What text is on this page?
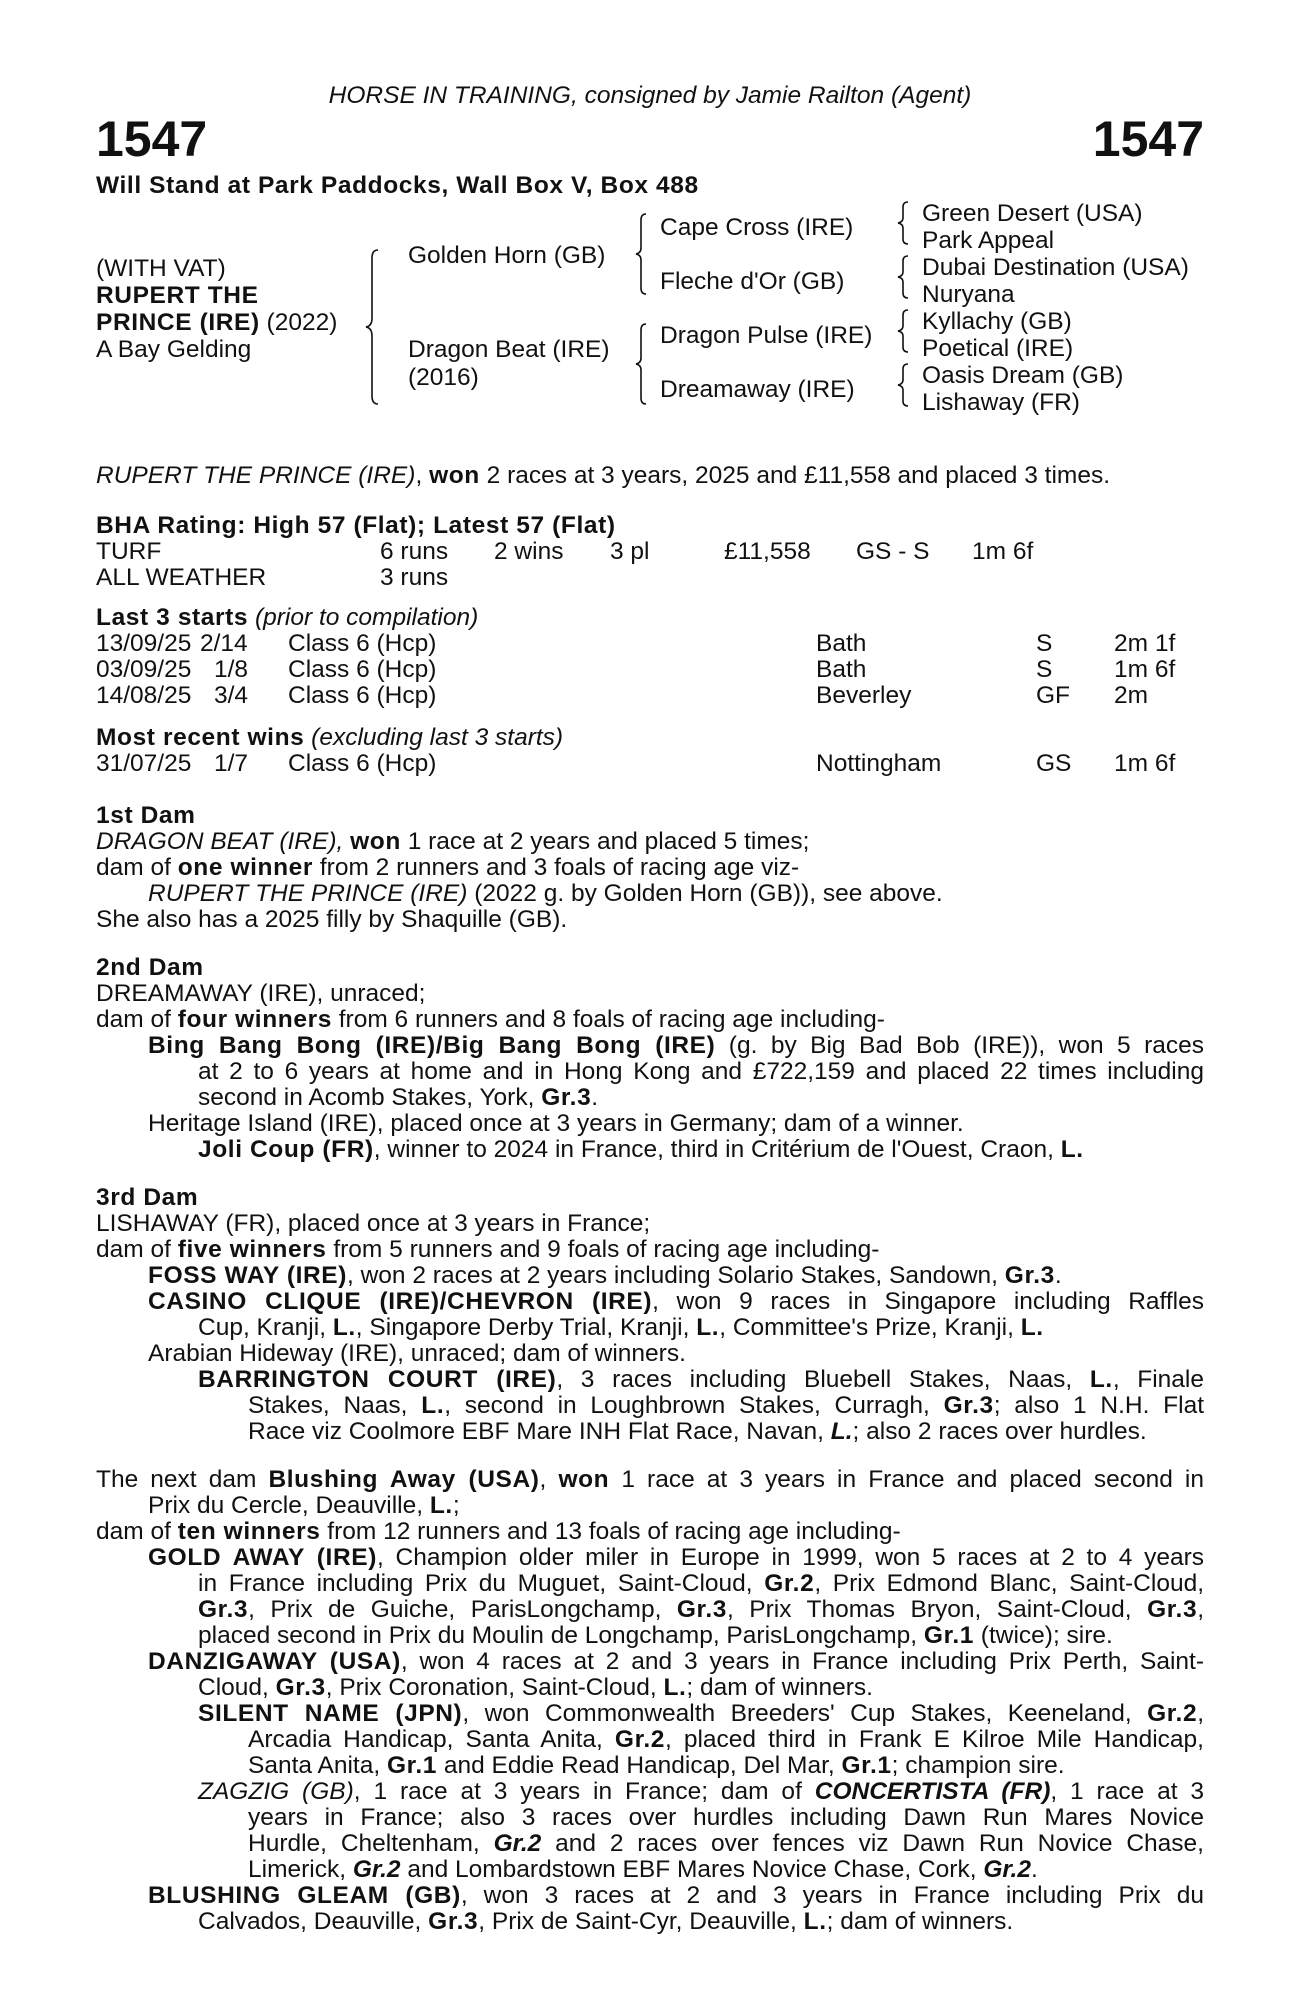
HORSE IN TRAINING, consigned by Jamie Railton (Agent)
1547	1547
Will Stand at Park Paddocks, Wall Box V, Box 488
(WITH VAT)
RUPERT THE
PRINCE (IRE) (2022)
A Bay Gelding
Golden Horn (GB)
Dragon Beat (IRE)
(2016)
Cape Cross (IRE)
Fleche d'Or (GB)
Dragon Pulse (IRE)
Dreamaway (IRE)
Green Desert (USA)
Park Appeal
Dubai Destination (USA)
Nuryana
Kyllachy (GB)
Poetical (IRE)
Oasis Dream (GB)
Lishaway (FR)
RUPERT THE PRINCE (IRE), won 2 races at 3 years, 2025 and £11,558 and placed 3 times.
BHA Rating: High 57 (Flat); Latest 57 (Flat)
TURF	6 runs 2 wins 3 pl	£11,558 GS - S 1m 6f
ALL WEATHER	3 runs
Last 3 starts (prior to compilation)
13/09/25 2/14 Class 6 (Hcp)	Bath	S	2m 1f
03/09/25 1/8 Class 6 (Hcp)	Bath	S	1m 6f
14/08/25 3/4 Class 6 (Hcp)	Beverley	GF 2m
Most recent wins (excluding last 3 starts)
31/07/25 1/7 Class 6 (Hcp)	Nottingham	GS 1m 6f
1st Dam
DRAGON BEAT (IRE), won 1 race at 2 years and placed 5 times;
dam of one winner from 2 runners and 3 foals of racing age viz-
RUPERT THE PRINCE (IRE) (2022 g. by Golden Horn (GB)), see above.
She also has a 2025 filly by Shaquille (GB).
2nd Dam
DREAMAWAY (IRE), unraced;
dam of four winners from 6 runners and 8 foals of racing age including-
Bing Bang Bong (IRE)/Big Bang Bong (IRE) (g. by Big Bad Bob (IRE)), won 5 races
at 2 to 6 years at home and in Hong Kong and £722,159 and placed 22 times including
second in Acomb Stakes, York, Gr.3.
Heritage Island (IRE), placed once at 3 years in Germany; dam of a winner.
Joli Coup (FR), winner to 2024 in France, third in Critérium de l'Ouest, Craon, L.
3rd Dam
LISHAWAY (FR), placed once at 3 years in France;
dam of five winners from 5 runners and 9 foals of racing age including-
FOSS WAY (IRE), won 2 races at 2 years including Solario Stakes, Sandown, Gr.3.
CASINO CLIQUE (IRE)/CHEVRON (IRE), won 9 races in Singapore including Raffles
Cup, Kranji, L., Singapore Derby Trial, Kranji, L., Committee's Prize, Kranji, L.
Arabian Hideway (IRE), unraced; dam of winners.
BARRINGTON COURT (IRE), 3 races including Bluebell Stakes, Naas, L., Finale
Stakes, Naas, L., second in Loughbrown Stakes, Curragh, Gr.3; also 1 N.H. Flat
Race viz Coolmore EBF Mare INH Flat Race, Navan, L.; also 2 races over hurdles.
The next dam Blushing Away (USA), won 1 race at 3 years in France and placed second in
Prix du Cercle, Deauville, L.;
dam of ten winners from 12 runners and 13 foals of racing age including-
GOLD AWAY (IRE), Champion older miler in Europe in 1999, won 5 races at 2 to 4 years
in France including Prix du Muguet, Saint-Cloud, Gr.2, Prix Edmond Blanc, Saint-Cloud,
Gr.3, Prix de Guiche, ParisLongchamp, Gr.3, Prix Thomas Bryon, Saint-Cloud, Gr.3,
placed second in Prix du Moulin de Longchamp, ParisLongchamp, Gr.1 (twice); sire.
DANZIGAWAY (USA), won 4 races at 2 and 3 years in France including Prix Perth, Saint-
Cloud, Gr.3, Prix Coronation, Saint-Cloud, L.; dam of winners.
SILENT NAME (JPN), won Commonwealth Breeders' Cup Stakes, Keeneland, Gr.2,
Arcadia Handicap, Santa Anita, Gr.2, placed third in Frank E Kilroe Mile Handicap,
Santa Anita, Gr.1 and Eddie Read Handicap, Del Mar, Gr.1; champion sire.
ZAGZIG (GB), 1 race at 3 years in France; dam of CONCERTISTA (FR), 1 race at 3
years in France; also 3 races over hurdles including Dawn Run Mares Novice
Hurdle, Cheltenham, Gr.2 and 2 races over fences viz Dawn Run Novice Chase,
Limerick, Gr.2 and Lombardstown EBF Mares Novice Chase, Cork, Gr.2.
BLUSHING GLEAM (GB), won 3 races at 2 and 3 years in France including Prix du
Calvados, Deauville, Gr.3, Prix de Saint-Cyr, Deauville, L.; dam of winners.
